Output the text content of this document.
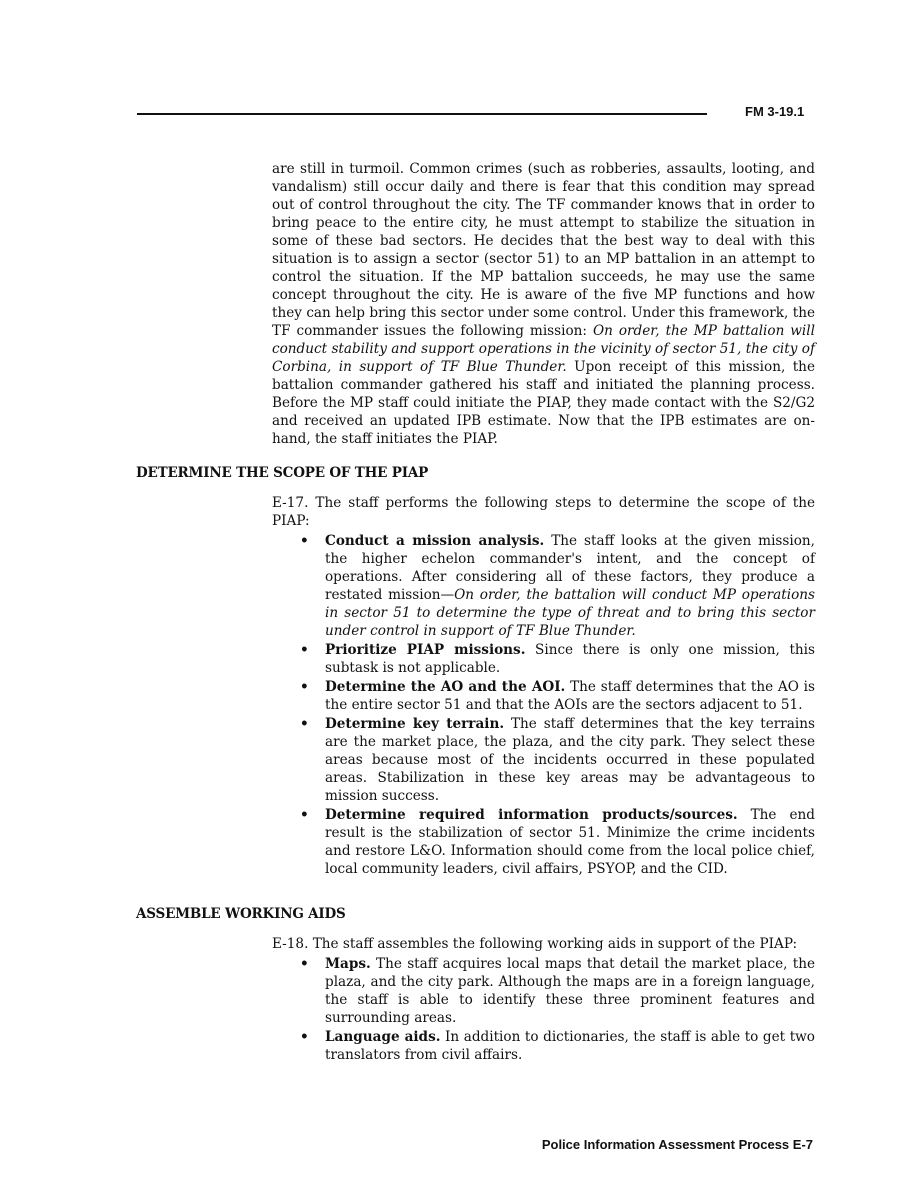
FM 3-19.1
are still in turmoil. Common crimes (such as robberies, assaults, looting, and vandalism) still occur daily and there is fear that this condition may spread out of control throughout the city. The TF commander knows that in order to bring peace to the entire city, he must attempt to stabilize the situation in some of these bad sectors. He decides that the best way to deal with this situation is to assign a sector (sector 51) to an MP battalion in an attempt to control the situation. If the MP battalion succeeds, he may use the same concept throughout the city. He is aware of the five MP functions and how they can help bring this sector under some control. Under this framework, the TF commander issues the following mission: On order, the MP battalion will conduct stability and support operations in the vicinity of sector 51, the city of Corbina, in support of TF Blue Thunder. Upon receipt of this mission, the battalion commander gathered his staff and initiated the planning process. Before the MP staff could initiate the PIAP, they made contact with the S2/G2 and received an updated IPB estimate. Now that the IPB estimates are on-hand, the staff initiates the PIAP.
DETERMINE THE SCOPE OF THE PIAP
E-17. The staff performs the following steps to determine the scope of the PIAP:
• Conduct a mission analysis. The staff looks at the given mission, the higher echelon commander's intent, and the concept of operations. After considering all of these factors, they produce a restated mission—On order, the battalion will conduct MP operations in sector 51 to determine the type of threat and to bring this sector under control in support of TF Blue Thunder.
• Prioritize PIAP missions. Since there is only one mission, this subtask is not applicable.
• Determine the AO and the AOI. The staff determines that the AO is the entire sector 51 and that the AOIs are the sectors adjacent to 51.
• Determine key terrain. The staff determines that the key terrains are the market place, the plaza, and the city park. They select these areas because most of the incidents occurred in these populated areas. Stabilization in these key areas may be advantageous to mission success.
• Determine required information products/sources. The end result is the stabilization of sector 51. Minimize the crime incidents and restore L&O. Information should come from the local police chief, local community leaders, civil affairs, PSYOP, and the CID.
ASSEMBLE WORKING AIDS
E-18. The staff assembles the following working aids in support of the PIAP:
• Maps. The staff acquires local maps that detail the market place, the plaza, and the city park. Although the maps are in a foreign language, the staff is able to identify these three prominent features and surrounding areas.
• Language aids. In addition to dictionaries, the staff is able to get two translators from civil affairs.
Police Information Assessment Process E-7
